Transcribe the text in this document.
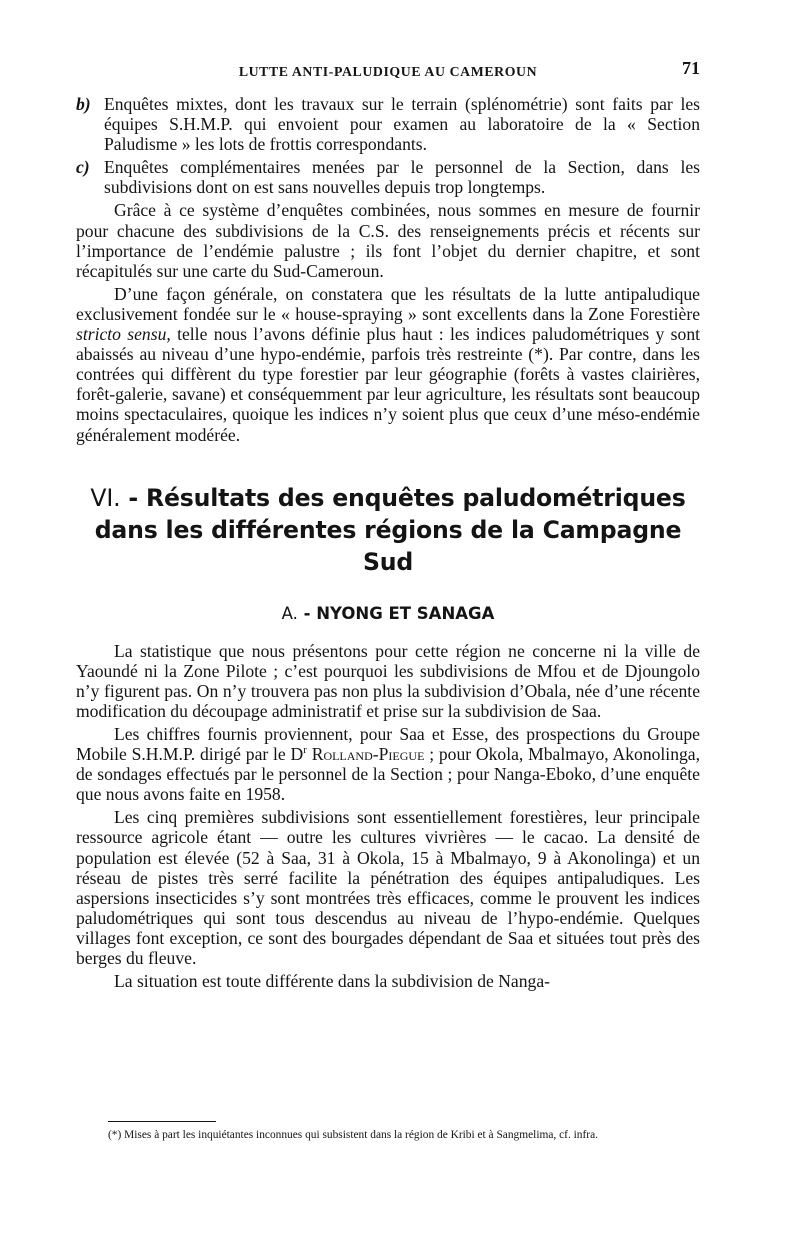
LUTTE ANTI-PALUDIQUE AU CAMEROUN	71

b) Enquêtes mixtes, dont les travaux sur le terrain (splénométrie) sont faits par les équipes S.H.M.P. qui envoient pour examen au laboratoire de la « Section Paludisme » les lots de frottis correspondants.

c) Enquêtes complémentaires menées par le personnel de la Section, dans les subdivisions dont on est sans nouvelles depuis trop longtemps.

Grâce à ce système d’enquêtes combinées, nous sommes en mesure de fournir pour chacune des subdivisions de la C.S. des renseignements précis et récents sur l’importance de l’endémie palustre ; ils font l’objet du dernier chapitre, et sont récapitulés sur une carte du Sud-Cameroun.

D’une façon générale, on constatera que les résultats de la lutte antipaludique exclusivement fondée sur le « house-spraying » sont excellents dans la Zone Forestière stricto sensu, telle nous l’avons définie plus haut : les indices paludométriques y sont abaissés au niveau d’une hypo-endémie, parfois très restreinte (*). Par contre, dans les contrées qui diffèrent du type forestier par leur géographie (forêts à vastes clairières, forêt-galerie, savane) et conséquemment par leur agriculture, les résultats sont beaucoup moins spectaculaires, quoique les indices n’y soient plus que ceux d’une méso-endémie généralement modérée.

VI. - Résultats des enquêtes paludométriques
dans les différentes régions de la Campagne Sud
A. - NYONG ET SANAGA

La statistique que nous présentons pour cette région ne concerne ni la ville de Yaoundé ni la Zone Pilote ; c’est pourquoi les subdivisions de Mfou et de Djoungolo n’y figurent pas. On n’y trouvera pas non plus la subdivision d’Obala, née d’une récente modification du découpage administratif et prise sur la subdivision de Saa.

Les chiffres fournis proviennent, pour Saa et Esse, des prospections du Groupe Mobile S.H.M.P. dirigé par le $D^r$ Rolland-Piegue ; pour Okola, Mbalmayo, Akonolinga, de sondages effectués par le personnel de la Section ; pour Nanga-Eboko, d’une enquête que nous avons faite en 1958.

Les cinq premières subdivisions sont essentiellement forestières, leur principale ressource agricole étant — outre les cultures vivrières — le cacao. La densité de population est élevée (52 à Saa, 31 à Okola, 15 à Mbalmayo, 9 à Akonolinga) et un réseau de pistes très serré facilite la pénétration des équipes antipaludiques. Les aspersions insecticides s’y sont montrées très efficaces, comme le prouvent les indices paludométriques qui sont tous descendus au niveau de l’hypo-endémie. Quelques villages font exception, ce sont des bourgades dépendant de Saa et situées tout près des berges du fleuve.

La situation est toute différente dans la subdivision de Nanga-

(*) Mises à part les inquiétantes inconnues qui subsistent dans la région de Kribi et à Sangmelima, cf. infra.
